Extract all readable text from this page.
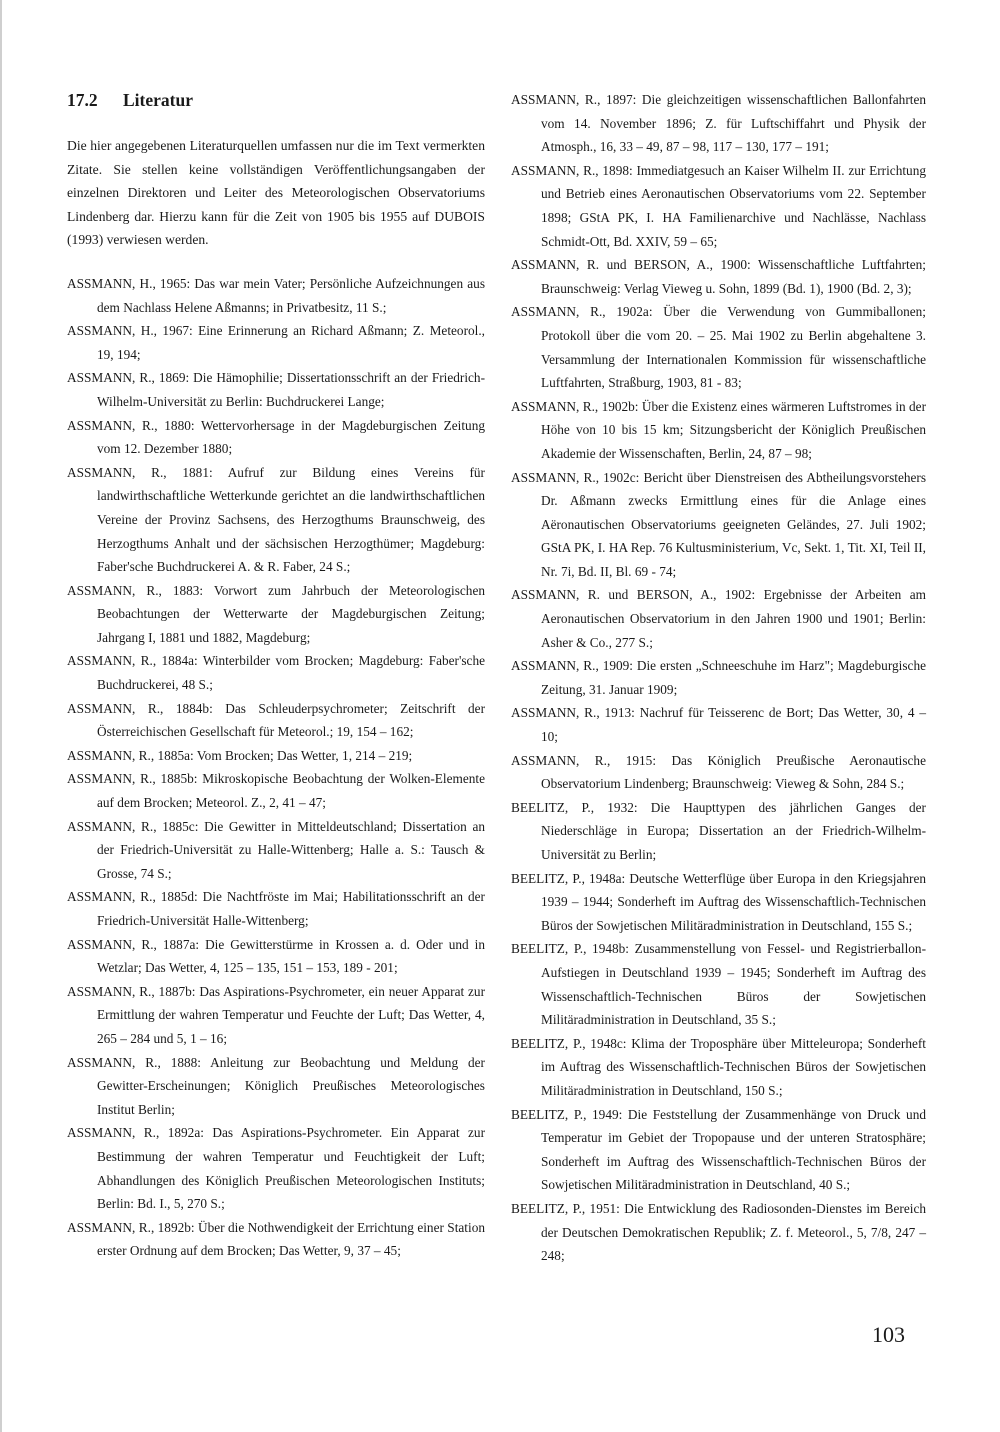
17.2 Literatur

Die hier angegebenen Literaturquellen umfassen nur die im Text vermerkten Zitate. Sie stellen keine vollständigen Veröffentlichungsangaben der einzelnen Direktoren und Leiter des Meteorologischen Observatoriums Lindenberg dar. Hierzu kann für die Zeit von 1905 bis 1955 auf DUBOIS (1993) verwiesen werden.

ASSMANN, H., 1965: Das war mein Vater; Persönliche Aufzeichnungen aus dem Nachlass Helene Aßmanns; in Privatbesitz, 11 S.;
ASSMANN, H., 1967: Eine Erinnerung an Richard Aßmann; Z. Meteorol., 19, 194;
ASSMANN, R., 1869: Die Hämophilie; Dissertationsschrift an der Friedrich-Wilhelm-Universität zu Berlin: Buchdruckerei Lange;
ASSMANN, R., 1880: Wettervorhersage in der Magdeburgischen Zeitung vom 12. Dezember 1880;
ASSMANN, R., 1881: Aufruf zur Bildung eines Vereins für landwirthschaftliche Wetterkunde gerichtet an die landwirthschaftlichen Vereine der Provinz Sachsens, des Herzogthums Braunschweig, des Herzogthums Anhalt und der sächsischen Herzogthümer; Magdeburg: Faber'sche Buchdruckerei A. & R. Faber, 24 S.;
ASSMANN, R., 1883: Vorwort zum Jahrbuch der Meteorologischen Beobachtungen der Wetterwarte der Magdeburgischen Zeitung; Jahrgang I, 1881 und 1882, Magdeburg;
ASSMANN, R., 1884a: Winterbilder vom Brocken; Magdeburg: Faber'sche Buchdruckerei, 48 S.;
ASSMANN, R., 1884b: Das Schleuderpsychrometer; Zeitschrift der Österreichischen Gesellschaft für Meteorol.; 19, 154 – 162;
ASSMANN, R., 1885a: Vom Brocken; Das Wetter, 1, 214 – 219;
ASSMANN, R., 1885b: Mikroskopische Beobachtung der Wolken-Elemente auf dem Brocken; Meteorol. Z., 2, 41 – 47;
ASSMANN, R., 1885c: Die Gewitter in Mitteldeutschland; Dissertation an der Friedrich-Universität zu Halle-Wittenberg; Halle a. S.: Tausch & Grosse, 74 S.;
ASSMANN, R., 1885d: Die Nachtfröste im Mai; Habilitationsschrift an der Friedrich-Universität Halle-Wittenberg;
ASSMANN, R., 1887a: Die Gewitterstürme in Krossen a. d. Oder und in Wetzlar; Das Wetter, 4, 125 – 135, 151 – 153, 189 - 201;
ASSMANN, R., 1887b: Das Aspirations-Psychrometer, ein neuer Apparat zur Ermittlung der wahren Temperatur und Feuchte der Luft; Das Wetter, 4, 265 – 284 und 5, 1 – 16;
ASSMANN, R., 1888: Anleitung zur Beobachtung und Meldung der Gewitter-Erscheinungen; Königlich Preußisches Meteorologisches Institut Berlin;
ASSMANN, R., 1892a: Das Aspirations-Psychrometer. Ein Apparat zur Bestimmung der wahren Temperatur und Feuchtigkeit der Luft; Abhandlungen des Königlich Preußischen Meteorologischen Instituts; Berlin: Bd. I., 5, 270 S.;
ASSMANN, R., 1892b: Über die Nothwendigkeit der Errichtung einer Station erster Ordnung auf dem Brocken; Das Wetter, 9, 37 – 45;
ASSMANN, R., 1897: Die gleichzeitigen wissenschaftlichen Ballonfahrten vom 14. November 1896; Z. für Luftschiffahrt und Physik der Atmosph., 16, 33 – 49, 87 – 98, 117 – 130, 177 – 191;
ASSMANN, R., 1898: Immediatgesuch an Kaiser Wilhelm II. zur Errichtung und Betrieb eines Aeronautischen Observatoriums vom 22. September 1898; GStA PK, I. HA Familienarchive und Nachlässe, Nachlass Schmidt-Ott, Bd. XXIV, 59 – 65;
ASSMANN, R. und BERSON, A., 1900: Wissenschaftliche Luftfahrten; Braunschweig: Verlag Vieweg u. Sohn, 1899 (Bd. 1), 1900 (Bd. 2, 3);
ASSMANN, R., 1902a: Über die Verwendung von Gummiballonen; Protokoll über die vom 20. – 25. Mai 1902 zu Berlin abgehaltene 3. Versammlung der Internationalen Kommission für wissenschaftliche Luftfahrten, Straßburg, 1903, 81 - 83;
ASSMANN, R., 1902b: Über die Existenz eines wärmeren Luftstromes in der Höhe von 10 bis 15 km; Sitzungsbericht der Königlich Preußischen Akademie der Wissenschaften, Berlin, 24, 87 – 98;
ASSMANN, R., 1902c: Bericht über Dienstreisen des Abtheilungsvorstehers Dr. Aßmann zwecks Ermittlung eines für die Anlage eines Aëronautischen Observatoriums geeigneten Geländes, 27. Juli 1902; GStA PK, I. HA Rep. 76 Kultusministerium, Vc, Sekt. 1, Tit. XI, Teil II, Nr. 7i, Bd. II, Bl. 69 - 74;
ASSMANN, R. und BERSON, A., 1902: Ergebnisse der Arbeiten am Aeronautischen Observatorium in den Jahren 1900 und 1901; Berlin: Asher & Co., 277 S.;
ASSMANN, R., 1909: Die ersten „Schneeschuhe im Harz"; Magdeburgische Zeitung, 31. Januar 1909;
ASSMANN, R., 1913: Nachruf für Teisserenc de Bort; Das Wetter, 30, 4 – 10;
ASSMANN, R., 1915: Das Königlich Preußische Aeronautische Observatorium Lindenberg; Braunschweig: Vieweg & Sohn, 284 S.;
BEELITZ, P., 1932: Die Haupttypen des jährlichen Ganges der Niederschläge in Europa; Dissertation an der Friedrich-Wilhelm-Universität zu Berlin;
BEELITZ, P., 1948a: Deutsche Wetterflüge über Europa in den Kriegsjahren 1939 – 1944; Sonderheft im Auftrag des Wissenschaftlich-Technischen Büros der Sowjetischen Militäradministration in Deutschland, 155 S.;
BEELITZ, P., 1948b: Zusammenstellung von Fessel- und Registrierballon-Aufstiegen in Deutschland 1939 – 1945; Sonderheft im Auftrag des Wissenschaftlich-Technischen Büros der Sowjetischen Militäradministration in Deutschland, 35 S.;
BEELITZ, P., 1948c: Klima der Troposphäre über Mitteleuropa; Sonderheft im Auftrag des Wissenschaftlich-Technischen Büros der Sowjetischen Militäradministration in Deutschland, 150 S.;
BEELITZ, P., 1949: Die Feststellung der Zusammenhänge von Druck und Temperatur im Gebiet der Tropopause und der unteren Stratosphäre; Sonderheft im Auftrag des Wissenschaftlich-Technischen Büros der Sowjetischen Militäradministration in Deutschland, 40 S.;
BEELITZ, P., 1951: Die Entwicklung des Radiosonden-Dienstes im Bereich der Deutschen Demokratischen Republik; Z. f. Meteorol., 5, 7/8, 247 – 248;
103
